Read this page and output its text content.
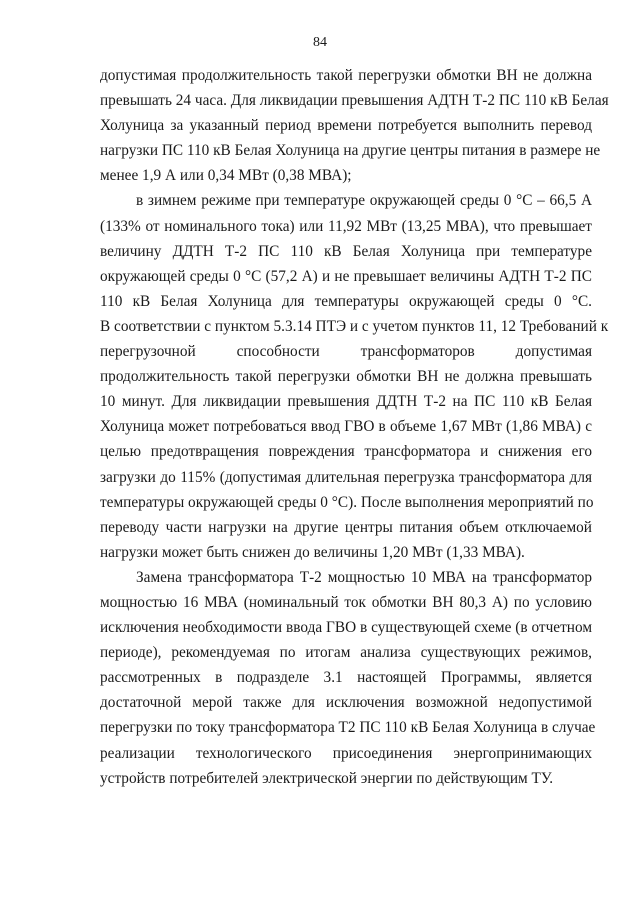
84
допустимая продолжительность такой перегрузки обмотки ВН не должна
превышать 24 часа. Для ликвидации превышения АДТН Т-2 ПС 110 кВ Белая
Холуница за указанный период времени потребуется выполнить перевод
нагрузки ПС 110 кВ Белая Холуница на другие центры питания в размере не
менее 1,9 А или 0,34 МВт (0,38 МВА);
в зимнем режиме при температуре окружающей среды 0 °C – 66,5 А
(133% от номинального тока) или 11,92 МВт (13,25 МВА), что превышает
величину ДДТН Т-2 ПС 110 кВ Белая Холуница при температуре
окружающей среды 0 °C (57,2 А) и не превышает величины АДТН Т-2 ПС
110 кВ Белая Холуница для температуры окружающей среды 0 °C.
В соответствии с пунктом 5.3.14 ПТЭ и с учетом пунктов 11, 12 Требований к
перегрузочной способности трансформаторов допустимая
продолжительность такой перегрузки обмотки ВН не должна превышать
10 минут. Для ликвидации превышения ДДТН Т-2 на ПС 110 кВ Белая
Холуница может потребоваться ввод ГВО в объеме 1,67 МВт (1,86 МВА) с
целью предотвращения повреждения трансформатора и снижения его
загрузки до 115% (допустимая длительная перегрузка трансформатора для
температуры окружающей среды 0 °C). После выполнения мероприятий по
переводу части нагрузки на другие центры питания объем отключаемой
нагрузки может быть снижен до величины 1,20 МВт (1,33 МВА).
Замена трансформатора Т-2 мощностью 10 МВА на трансформатор
мощностью 16 МВА (номинальный ток обмотки ВН 80,3 А) по условию
исключения необходимости ввода ГВО в существующей схеме (в отчетном
периоде), рекомендуемая по итогам анализа существующих режимов,
рассмотренных в подразделе 3.1 настоящей Программы, является
достаточной мерой также для исключения возможной недопустимой
перегрузки по току трансформатора Т2 ПС 110 кВ Белая Холуница в случае
реализации технологического присоединения энергопринимающих
устройств потребителей электрической энергии по действующим ТУ.
